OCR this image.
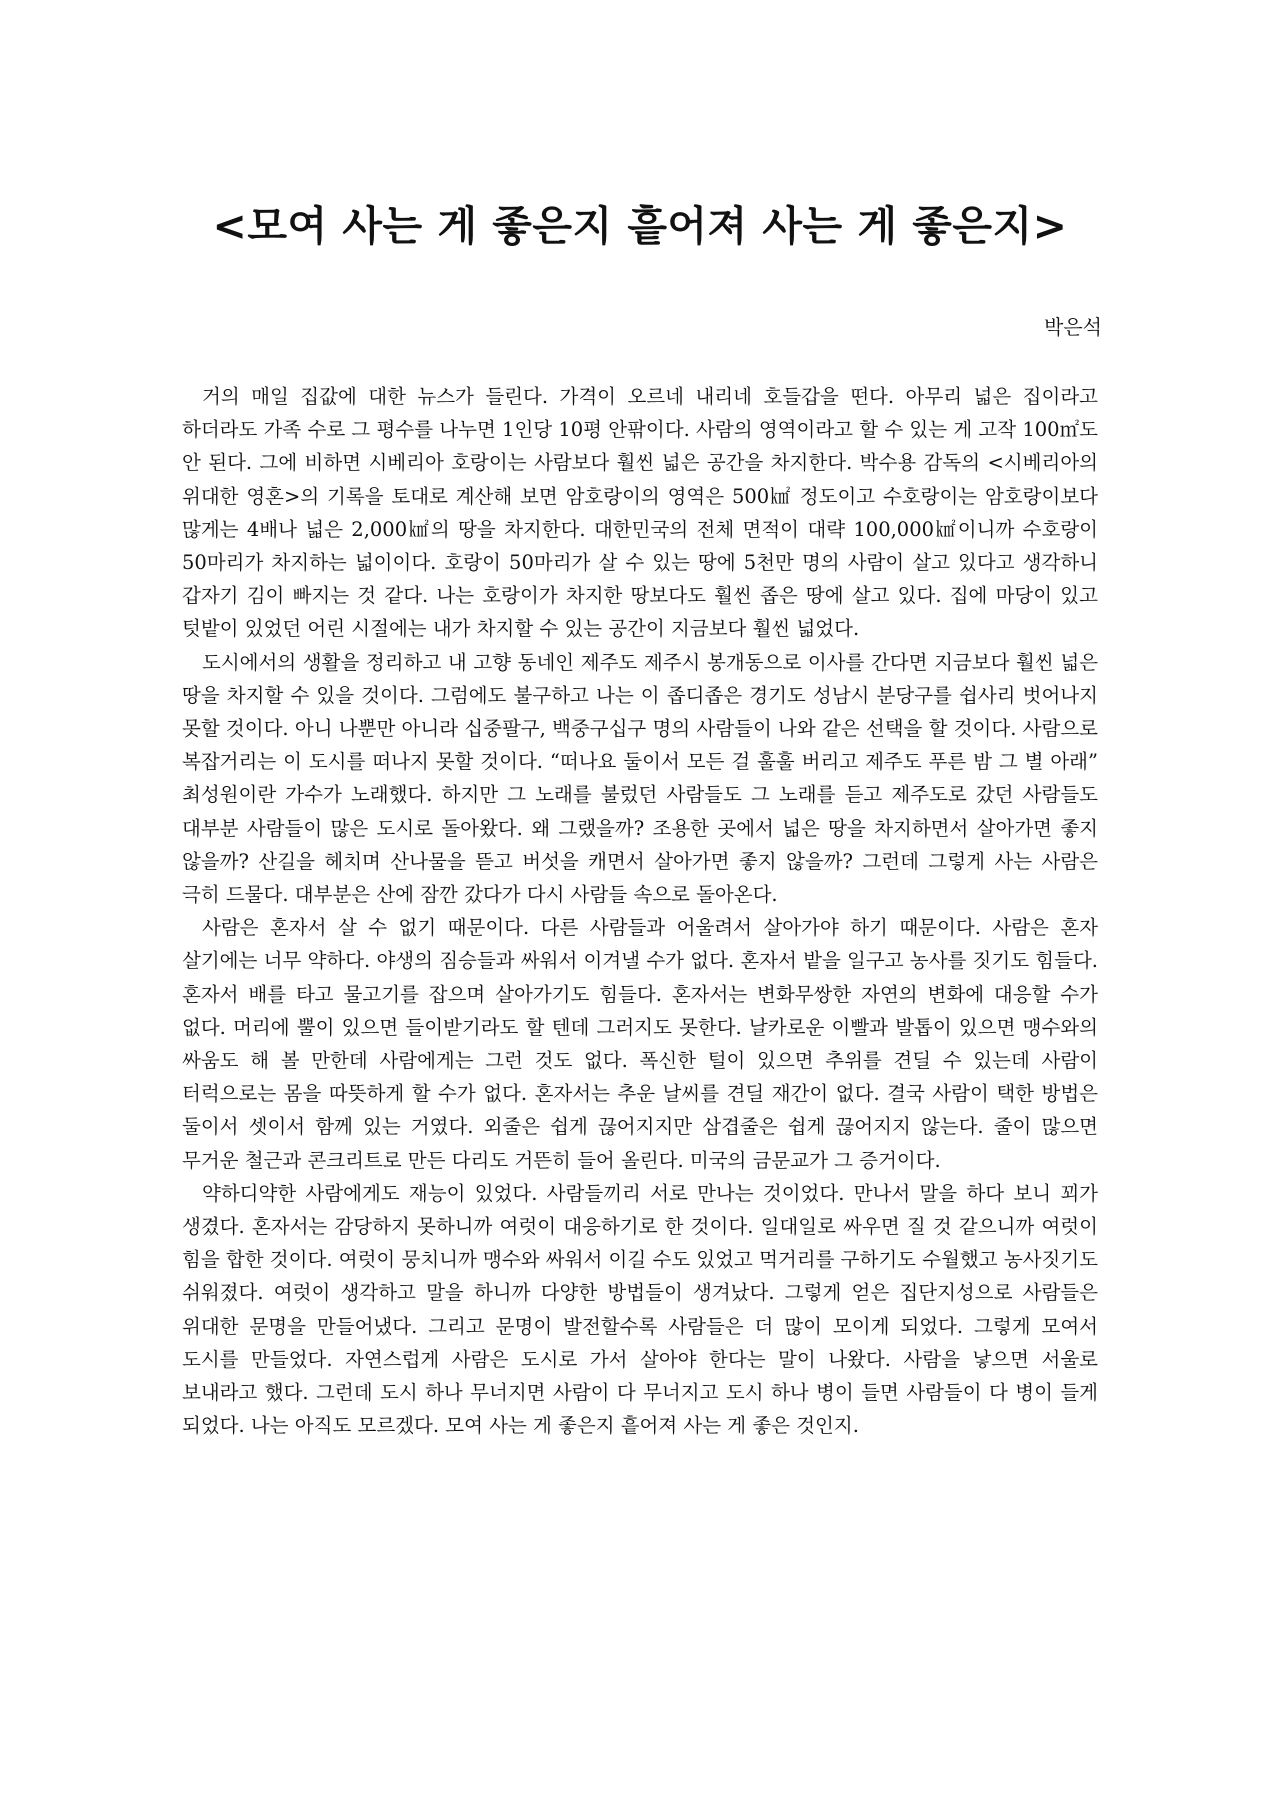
<모여 사는 게 좋은지 흩어져 사는 게 좋은지>

박은석

거의 매일 집값에 대한 뉴스가 들린다. 가격이 오르네 내리네 호들갑을 떤다. 아무리 넓은 집이라고 하더라도 가족 수로 그 평수를 나누면 1인당 10평 안팎이다. 사람의 영역이라고 할 수 있는 게 고작 100㎡도 안 된다. 그에 비하면 시베리아 호랑이는 사람보다 훨씬 넓은 공간을 차지한다. 박수용 감독의 <시베리아의 위대한 영혼>의 기록을 토대로 계산해 보면 암호랑이의 영역은 500㎢ 정도이고 수호랑이는 암호랑이보다 많게는 4배나 넓은 2,000㎢의 땅을 차지한다. 대한민국의 전체 면적이 대략 100,000㎢이니까 수호랑이 50마리가 차지하는 넓이이다. 호랑이 50마리가 살 수 있는 땅에 5천만 명의 사람이 살고 있다고 생각하니 갑자기 김이 빠지는 것 같다. 나는 호랑이가 차지한 땅보다도 훨씬 좁은 땅에 살고 있다. 집에 마당이 있고 텃밭이 있었던 어린 시절에는 내가 차지할 수 있는 공간이 지금보다 훨씬 넓었다.

도시에서의 생활을 정리하고 내 고향 동네인 제주도 제주시 봉개동으로 이사를 간다면 지금보다 훨씬 넓은 땅을 차지할 수 있을 것이다. 그럼에도 불구하고 나는 이 좁디좁은 경기도 성남시 분당구를 쉽사리 벗어나지 못할 것이다. 아니 나뿐만 아니라 십중팔구, 백중구십구 명의 사람들이 나와 같은 선택을 할 것이다. 사람으로 복잡거리는 이 도시를 떠나지 못할 것이다. “떠나요 둘이서 모든 걸 훌훌 버리고 제주도 푸른 밤 그 별 아래” 최성원이란 가수가 노래했다. 하지만 그 노래를 불렀던 사람들도 그 노래를 듣고 제주도로 갔던 사람들도 대부분 사람들이 많은 도시로 돌아왔다. 왜 그랬을까? 조용한 곳에서 넓은 땅을 차지하면서 살아가면 좋지 않을까? 산길을 헤치며 산나물을 뜯고 버섯을 캐면서 살아가면 좋지 않을까? 그런데 그렇게 사는 사람은 극히 드물다. 대부분은 산에 잠깐 갔다가 다시 사람들 속으로 돌아온다.

사람은 혼자서 살 수 없기 때문이다. 다른 사람들과 어울려서 살아가야 하기 때문이다. 사람은 혼자 살기에는 너무 약하다. 야생의 짐승들과 싸워서 이겨낼 수가 없다. 혼자서 밭을 일구고 농사를 짓기도 힘들다. 혼자서 배를 타고 물고기를 잡으며 살아가기도 힘들다. 혼자서는 변화무쌍한 자연의 변화에 대응할 수가 없다. 머리에 뿔이 있으면 들이받기라도 할 텐데 그러지도 못한다. 날카로운 이빨과 발톱이 있으면 맹수와의 싸움도 해 볼 만한데 사람에게는 그런 것도 없다. 폭신한 털이 있으면 추위를 견딜 수 있는데 사람이 터럭으로는 몸을 따뜻하게 할 수가 없다. 혼자서는 추운 날씨를 견딜 재간이 없다. 결국 사람이 택한 방법은 둘이서 셋이서 함께 있는 거였다. 외줄은 쉽게 끊어지지만 삼겹줄은 쉽게 끊어지지 않는다. 줄이 많으면 무거운 철근과 콘크리트로 만든 다리도 거뜬히 들어 올린다. 미국의 금문교가 그 증거이다.

약하디약한 사람에게도 재능이 있었다. 사람들끼리 서로 만나는 것이었다. 만나서 말을 하다 보니 꾀가 생겼다. 혼자서는 감당하지 못하니까 여럿이 대응하기로 한 것이다. 일대일로 싸우면 질 것 같으니까 여럿이 힘을 합한 것이다. 여럿이 뭉치니까 맹수와 싸워서 이길 수도 있었고 먹거리를 구하기도 수월했고 농사짓기도 쉬워졌다. 여럿이 생각하고 말을 하니까 다양한 방법들이 생겨났다. 그렇게 얻은 집단지성으로 사람들은 위대한 문명을 만들어냈다. 그리고 문명이 발전할수록 사람들은 더 많이 모이게 되었다. 그렇게 모여서 도시를 만들었다. 자연스럽게 사람은 도시로 가서 살아야 한다는 말이 나왔다. 사람을 낳으면 서울로 보내라고 했다. 그런데 도시 하나 무너지면 사람이 다 무너지고 도시 하나 병이 들면 사람들이 다 병이 들게 되었다. 나는 아직도 모르겠다. 모여 사는 게 좋은지 흩어져 사는 게 좋은 것인지.
